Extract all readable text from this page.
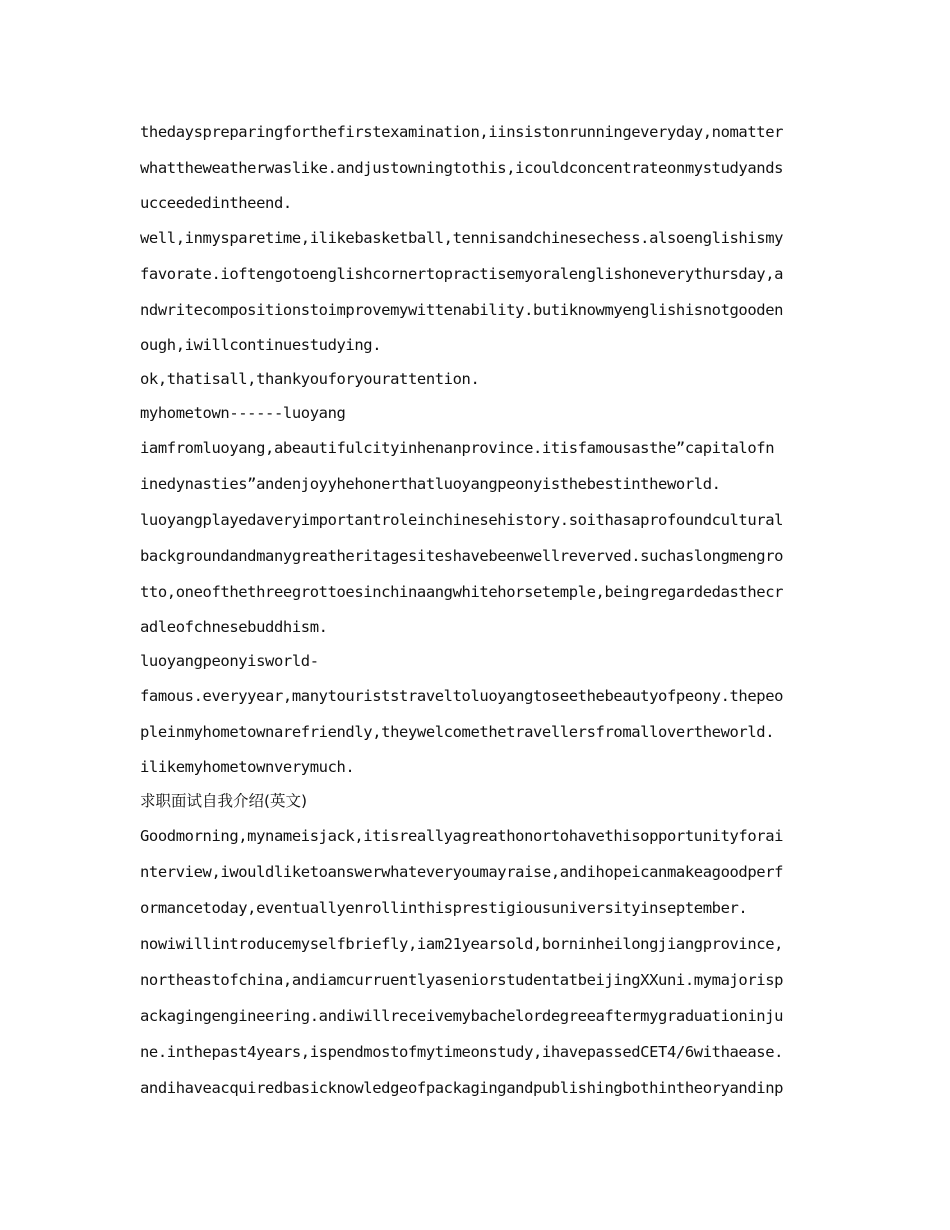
thedayspreparingforthefirstexamination,iinsistonrunningeveryday,nomatter
whattheweatherwaslike.andjustowningtothis,icouldconcentrateonmystudyands
ucceededintheend.
well,inmysparetime,ilikebasketball,tennisandchinesechess.alsoenglishismy
favorate.ioftengotoenglishcornertopractisemyoralenglishoneverythursday,a
ndwritecompositionstoimprovemywittenability.butiknowmyenglishisnotgooden
ough,iwillcontinuestudying.
ok,thatisall,thankyouforyourattention.
myhometown------luoyang
iamfromluoyang,abeautifulcityinhenanprovince.itisfamousasthe”capitalofn
inedynasties”andenjoyyhehonerthatluoyangpeonyisthebestintheworld.
luoyangplayedaveryimportantroleinchinesehistory.soithasaprofoundcultural
backgroundandmanygreatheritagesiteshavebeenwellreverved.suchaslongmengro
tto,oneofthethreegrottoesinchinaangwhitehorsetemple,beingregardedasthecr
adleofchnesebuddhism.
luoyangpeonyisworld-
famous.everyyear,manytouriststraveltoluoyangtoseethebeautyofpeony.thepeo
pleinmyhometownarefriendly,theywelcomethetravellersfromallovertheworld.
ilikemyhometownverymuch.
求职面试自我介绍(英文)
Goodmorning,mynameisjack,itisreallyagreathonortohavethisopportunityforai
nterview,iwouldliketoanswerwhateveryoumayraise,andihopeicanmakeagoodperf
ormancetoday,eventuallyenrollinthisprestigiousuniversityinseptember.
nowiwillintroducemyselfbriefly,iam21yearsold,borninheilongjiangprovince,
northeastofchina,andiamcurruentlyaseniorstudentatbeijingXXuni.mymajorisp
ackagingengineering.andiwillreceivemybachelordegreeaftermygraduationinju
ne.inthepast4years,ispendmostofmytimeonstudy,ihavepassedCET4/6withaease.
andihaveacquiredbasicknowledgeofpackagingandpublishingbothintheoryandinp
